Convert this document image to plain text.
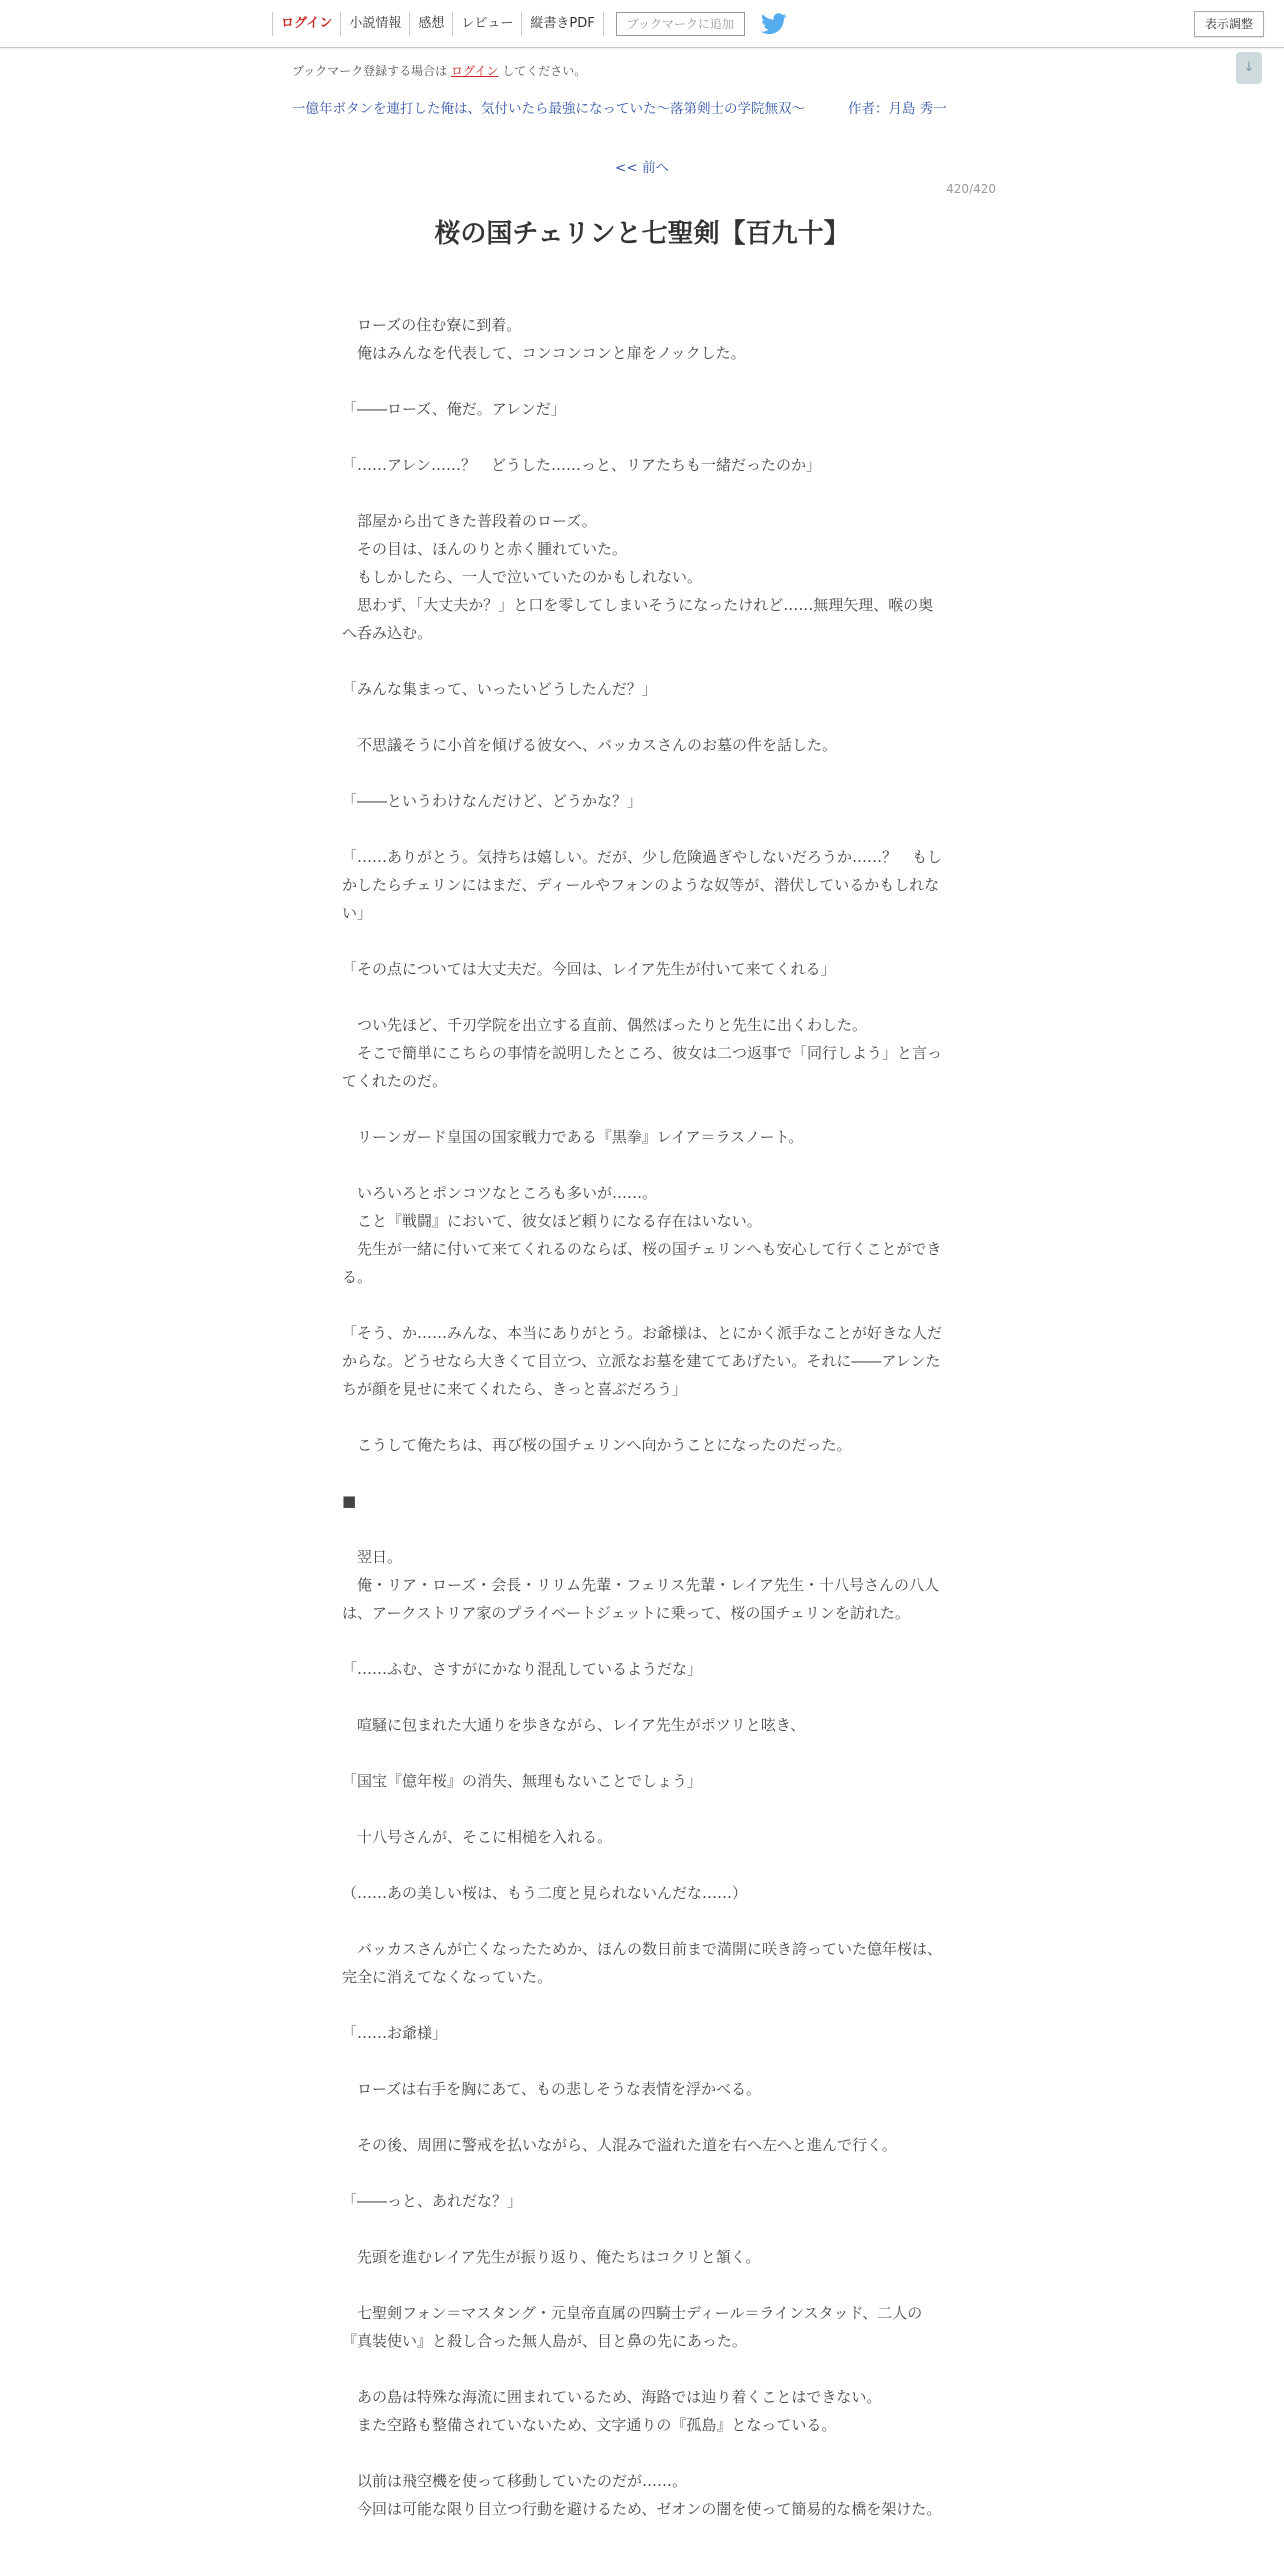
ログイン	小説情報	感想	レビュー	縦書きPDF	ブックマークに追加	表示調整
↓
ブックマーク登録する場合は ログイン してください。
一億年ボタンを連打した俺は、気付いたら最強になっていた～落第剣士の学院無双～	作者：月島 秀一
<< 前へ
420/420
桜の国チェリンと七聖剣【百九十】

　ローズの住む寮に到着。

　俺はみんなを代表して、コンコンコンと扉をノックした。

「――ローズ、俺だ。アレンだ」

「……アレン……？　どうした……っと、リアたちも一緒だったのか」

　部屋から出てきた普段着のローズ。

　その目は、ほんのりと赤く腫れていた。

　もしかしたら、一人で泣いていたのかもしれない。

　思わず、「大丈夫か？」と口を零してしまいそうになったけれど……無理矢理、喉の奥へ呑み込む。

「みんな集まって、いったいどうしたんだ？」

　不思議そうに小首を傾げる彼女へ、バッカスさんのお墓の件を話した。

「――というわけなんだけど、どうかな？」

「……ありがとう。気持ちは嬉しい。だが、少し危険過ぎやしないだろうか……？　もしかしたらチェリンにはまだ、ディールやフォンのような奴等が、潜伏しているかもしれない」

「その点については大丈夫だ。今回は、レイア先生が付いて来てくれる」

　つい先ほど、千刃学院を出立する直前、偶然ばったりと先生に出くわした。

　そこで簡単にこちらの事情を説明したところ、彼女は二つ返事で「同行しよう」と言ってくれたのだ。

　リーンガード皇国の国家戦力である『黒拳』レイア＝ラスノート。

　いろいろとポンコツなところも多いが……。

　こと『戦闘』において、彼女ほど頼りになる存在はいない。

　先生が一緒に付いて来てくれるのならば、桜の国チェリンへも安心して行くことができる。

「そう、か……みんな、本当にありがとう。お爺様は、とにかく派手なことが好きな人だからな。どうせなら大きくて目立つ、立派なお墓を建ててあげたい。それに――アレンたちが顔を見せに来てくれたら、きっと喜ぶだろう」

　こうして俺たちは、再び桜の国チェリンへ向かうことになったのだった。

■

　翌日。

　俺・リア・ローズ・会長・リリム先輩・フェリス先輩・レイア先生・十八号さんの八人は、アークストリア家のプライベートジェットに乗って、桜の国チェリンを訪れた。

「……ふむ、さすがにかなり混乱しているようだな」

　喧騒に包まれた大通りを歩きながら、レイア先生がポツリと呟き、

「国宝『億年桜』の消失、無理もないことでしょう」

　十八号さんが、そこに相槌を入れる。

（……あの美しい桜は、もう二度と見られないんだな……）

　バッカスさんが亡くなったためか、ほんの数日前まで満開に咲き誇っていた億年桜は、完全に消えてなくなっていた。

「……お爺様」

　ローズは右手を胸にあて、もの悲しそうな表情を浮かべる。

　その後、周囲に警戒を払いながら、人混みで溢れた道を右へ左へと進んで行く。

「――っと、あれだな？」

　先頭を進むレイア先生が振り返り、俺たちはコクリと頷く。

　七聖剣フォン＝マスタング・元皇帝直属の四騎士ディール＝ラインスタッド、二人の『真装使い』と殺し合った無人島が、目と鼻の先にあった。

　あの島は特殊な海流に囲まれているため、海路では辿り着くことはできない。

　また空路も整備されていないため、文字通りの『孤島』となっている。

　以前は飛空機を使って移動していたのだが……。

　今回は可能な限り目立つ行動を避けるため、ゼオンの闇を使って簡易的な橋を架けた。
